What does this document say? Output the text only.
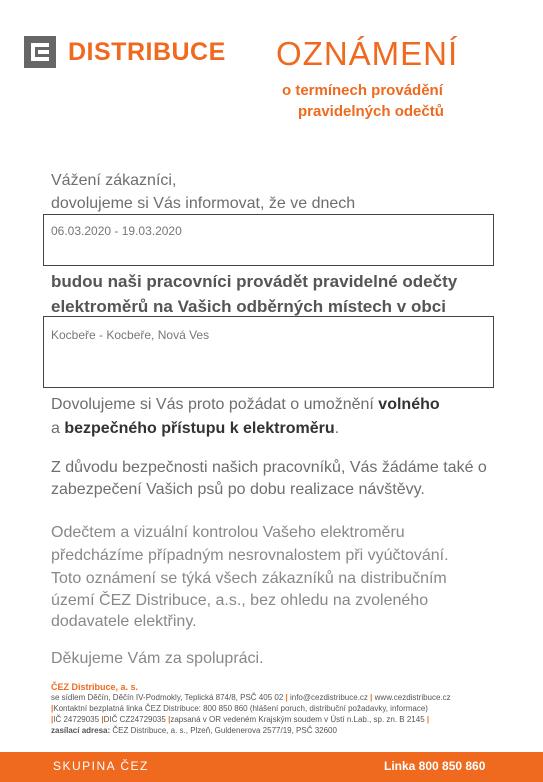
DISTRIBUCE OZNÁMENÍ
o termínech provádění
pravidelných odečtů
Vážení zákazníci,
dovolujeme si Vás informovat, že ve dnech
06.03.2020 - 19.03.2020
budou naši pracovníci provádět pravidelné odečty
elektroměrů na Vašich odběrných místech v obci
Kocbeře - Kocbeře, Nová Ves
Dovolujeme si Vás proto požádat o umožnění volného
a bezpečného přístupu k elektroměru.
Z důvodu bezpečnosti našich pracovníků, Vás žádáme také o
zabezpečení Vašich psů po dobu realizace návštěvy.
Odečtem a vizuální kontrolou Vašeho elektroměru
předcházíme případným nesrovnalostem při vyúčtování.
Toto oznámení se týká všech zákazníků na distribučním
území ČEZ Distribuce, a.s., bez ohledu na zvoleného
dodavatele elektřiny.
Děkujeme Vám za spolupráci.
ČEZ Distribuce, a. s.
se sídlem Děčín, Děčín IV-Podmokly, Teplická 874/8, PSČ 405 02 | info@cezdistribuce.cz | www.cezdistribuce.cz
|Kontaktní bezplatná linka ČEZ Distribuce: 800 850 860 (hlášení poruch, distribuční požadavky, informace)
|IČ 24729035 |DIČ CZ24729035 |zapsaná v OR vedeném Krajským soudem v Ústí n.Lab., sp. zn. B 2145 |
zasílací adresa: ČEZ Distribuce, a. s., Plzeň, Guldenerova 2577/19, PSČ 32600
SKUPINA ČEZ	Linka 800 850 860
